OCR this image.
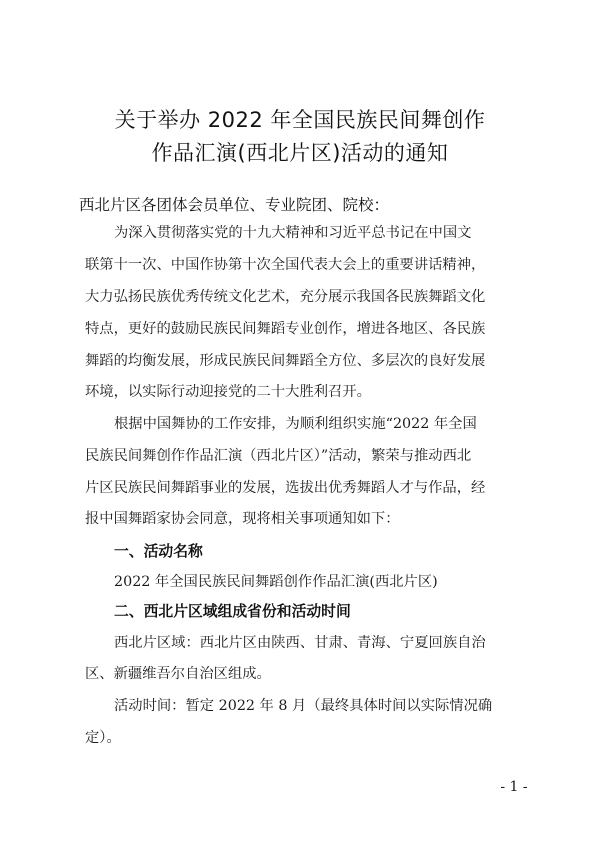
关于举办 2022 年全国民族民间舞创作
作品汇演(西北片区)活动的通知
西北片区各团体会员单位、专业院团、院校：
为深入贯彻落实党的十九大精神和习近平总书记在中国文
联第十一次、中国作协第十次全国代表大会上的重要讲话精神，
大力弘扬民族优秀传统文化艺术，充分展示我国各民族舞蹈文化
特点，更好的鼓励民族民间舞蹈专业创作，增进各地区、各民族
舞蹈的均衡发展，形成民族民间舞蹈全方位、多层次的良好发展
环境，以实际行动迎接党的二十大胜利召开。
根据中国舞协的工作安排，为顺利组织实施“2022 年全国
民族民间舞创作作品汇演（西北片区）”活动，繁荣与推动西北
片区民族民间舞蹈事业的发展，选拔出优秀舞蹈人才与作品，经
报中国舞蹈家协会同意，现将相关事项通知如下：
一、活动名称
2022 年全国民族民间舞蹈创作作品汇演(西北片区)
二、西北片区域组成省份和活动时间
西北片区域：西北片区由陕西、甘肃、青海、宁夏回族自治
区、新疆维吾尔自治区组成。
活动时间：暂定 2022 年 8 月（最终具体时间以实际情况确
定）。
- 1 -
